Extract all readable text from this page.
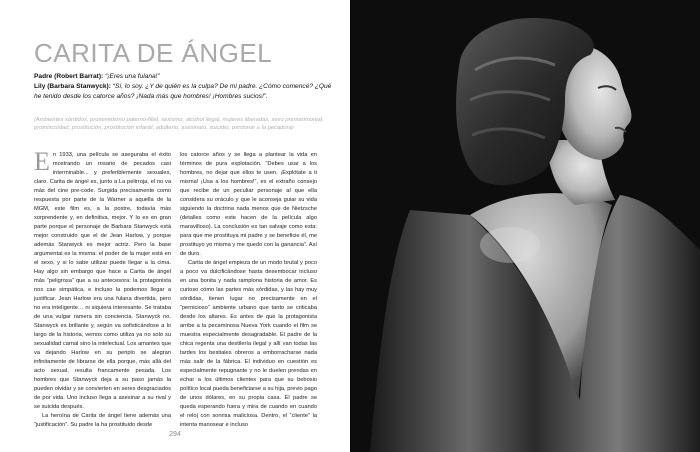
CARITA DE ÁNGEL
Padre (Robert Barrat): “¡Eres una fulana!”
Lily (Barbara Stanwyck): “Sí, lo soy. ¿Y de quién es la culpa? De mi padre. ¿Cómo comencé? ¿Qué he tenido desde los catorce años? ¡Nada más que hombres! ¡Hombres sucios!”.
(Ambientes sórdidos, proxenetismo paterno-filial, sexismo, alcohol ilegal, mujeres liberadas, sexo premarimonial, promiscuidad, prostitución, prostitución infantil, adulterio, asesinato, suicidio, perdonar a la pecadora)

En 1933, una película se aseguraba el éxito mostrando un rosario de pecados casi interminable... y preferiblemente sexuales, claro. Carita de ángel es, junto a La pelirroja, el no va más del cine pre-code. Surgida precisamente como respuesta por parte de la Warner a aquella de la MGM, este film es, a la postre, todavía más sorprendente y, en definitiva, mejor. Y lo es en gran parte porque el personaje de Barbara Stanwyck está mejor construido que el de Jean Harlow, y porque además Stanwyck es mejor actriz. Pero la base argumental es la misma: el poder de la mujer está en el sexo, y si lo sabe utilizar puede llegar a la cima. Hay algo sin embargo que hace a Carita de ángel más “peligrosa” que a su antecesora: la protagonista nos cae simpática, e incluso la podemos llegar a justificar. Jean Harlow era una fulana divertida, pero no era inteligente… ni siquiera interesante. Se trataba de una vulgar ramera sin conciencia. Stanwyck no. Stanwyck es brillante y, según va sofisticándose a lo largo de la historia, vemos como utiliza ya no solo su sexualidad carnal sino la intelectual. Los amantes que va dejando Harlow en su periplo se alegran infinitamente de librarse de ella porque, más allá del acto sexual, resulta francamente pesada. Los hombres que Stanwyck deja a su paso jamás la pueden olvidar y se convierten en seres desgraciados de por vida. Uno incluso llega a asesinar a su rival y se suicida después.

La heroína de Carita de ángel tiene además una “justificación”. Su padre la ha prostituido desde

los catorce años y se llega a plantear la vida en términos de pura explotación. “Debes usar a los hombres, no dejar que ellos te usen. ¡Explótate a ti misma! ¡Usa a los hombres!”, es el extraño consejo que recibe de un peculiar personaje al que ella considera su oráculo y que le aconseja guiar su vida siguiendo la doctrina nada menos que de Nietzsche (detalles como este hacen de la película algo maravilloso). La conclusión es tan salvaje como esta: para que me prostituya mi padre y se beneficie él, me prostituyo yo misma y me quedo con la ganancia”. Así de duro.

Carita de ángel empieza de un modo brutal y poco a poco va dulcificándose hasta desembocar incluso en una bonita y nada ramplona historia de amor. Es curioso cómo las partes más sórdidas, y las hay muy sórdidas, tienen lugar no precisamente en el “pernicioso” ambiente urbano que tanto se criticaba desde los altares. Es antes de que la protagonista arribe a la pecaminosa Nueva York cuando el film se muestra especialmente desagradable. El padre de la chica regenta una destilería ilegal y allí van todas las tardes los bestiales obreros a emborracharse nada más salir de la fábrica. El individuo en cuestión es especialmente repugnante y no le duelen prendas en echar a los últimos clientes para que su bebosio político local pueda beneficiarse a su hija, previo pago de unos dólares, en su propia casa. El padre se queda esperando fuera y mira de cuando en cuando el reloj con sonrisa maliciosa. Dentro, el “cliente” la intenta manosear e incluso

294
